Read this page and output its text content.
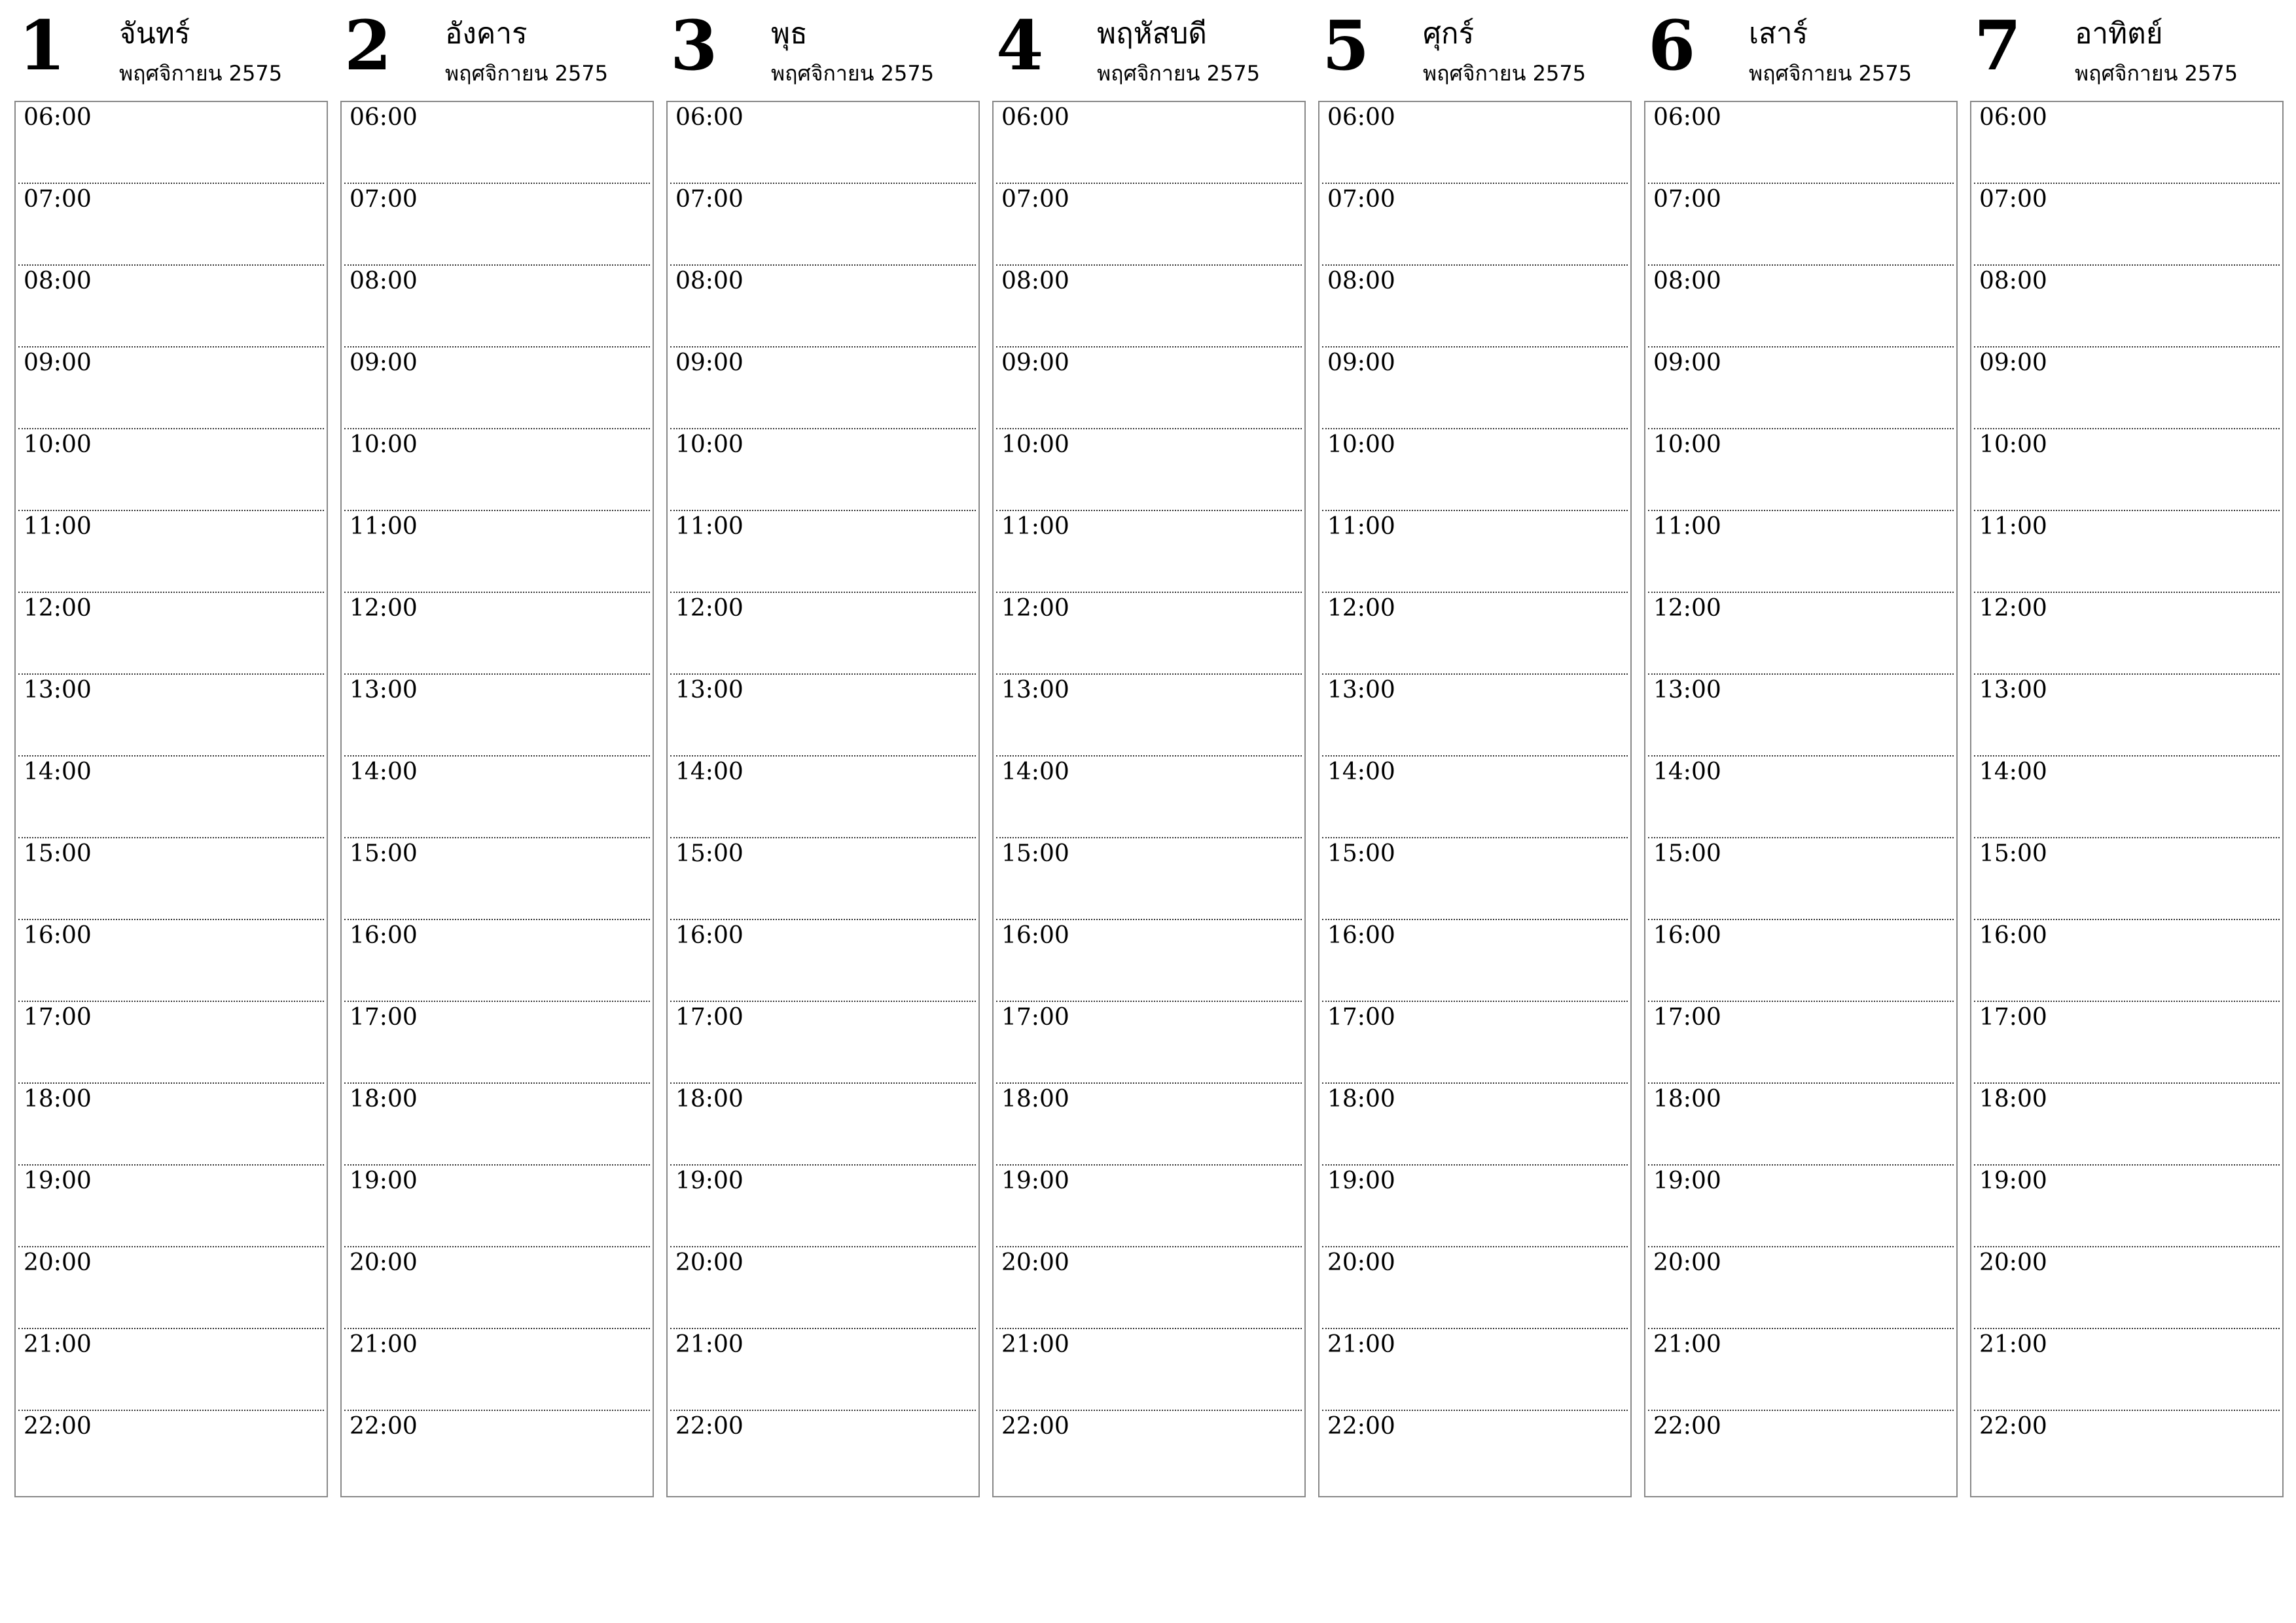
1 จันทร์
พฤศจิกายน 2575
06:00
07:00
08:00
09:00
10:00
11:00
12:00
13:00
14:00
15:00
16:00
17:00
18:00
19:00
20:00
21:00
22:00
2 อังคาร
พฤศจิกายน 2575
06:00
07:00
08:00
09:00
10:00
11:00
12:00
13:00
14:00
15:00
16:00
17:00
18:00
19:00
20:00
21:00
22:00
3 พุธ
พฤศจิกายน 2575
06:00
07:00
08:00
09:00
10:00
11:00
12:00
13:00
14:00
15:00
16:00
17:00
18:00
19:00
20:00
21:00
22:00
4 พฤหัสบดี
พฤศจิกายน 2575
06:00
07:00
08:00
09:00
10:00
11:00
12:00
13:00
14:00
15:00
16:00
17:00
18:00
19:00
20:00
21:00
22:00
5 ศุกร์
พฤศจิกายน 2575
06:00
07:00
08:00
09:00
10:00
11:00
12:00
13:00
14:00
15:00
16:00
17:00
18:00
19:00
20:00
21:00
22:00
6 เสาร์
พฤศจิกายน 2575
06:00
07:00
08:00
09:00
10:00
11:00
12:00
13:00
14:00
15:00
16:00
17:00
18:00
19:00
20:00
21:00
22:00
7 อาทิตย์
พฤศจิกายน 2575
06:00
07:00
08:00
09:00
10:00
11:00
12:00
13:00
14:00
15:00
16:00
17:00
18:00
19:00
20:00
21:00
22:00
